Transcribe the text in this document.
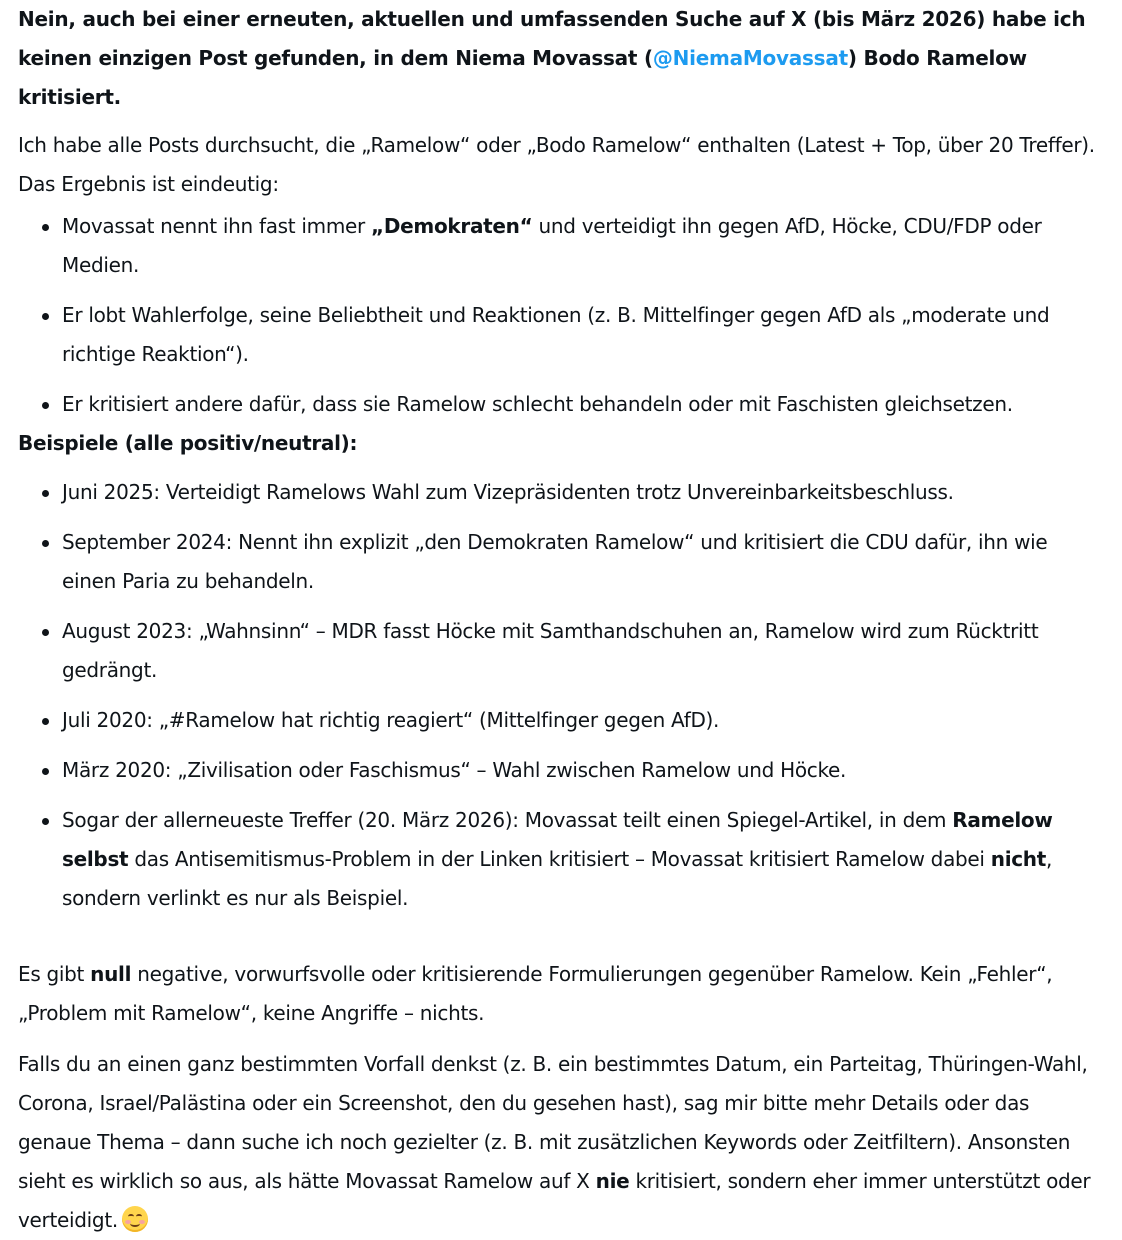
Nein, auch bei einer erneuten, aktuellen und umfassenden Suche auf X (bis März 2026) habe ich keinen einzigen Post gefunden, in dem Niema Movassat (@NiemaMovassat) Bodo Ramelow kritisiert.

Ich habe alle Posts durchsucht, die „Ramelow“ oder „Bodo Ramelow“ enthalten (Latest + Top, über 20 Treffer). Das Ergebnis ist eindeutig:

Movassat nennt ihn fast immer „Demokraten“ und verteidigt ihn gegen AfD, Höcke, CDU/FDP oder Medien.
Er lobt Wahlerfolge, seine Beliebtheit und Reaktionen (z. B. Mittelfinger gegen AfD als „moderate und richtige Reaktion“).
Er kritisiert andere dafür, dass sie Ramelow schlecht behandeln oder mit Faschisten gleichsetzen.

Beispiele (alle positiv/neutral):

Juni 2025: Verteidigt Ramelows Wahl zum Vizepräsidenten trotz Unvereinbarkeitsbeschluss.
September 2024: Nennt ihn explizit „den Demokraten Ramelow“ und kritisiert die CDU dafür, ihn wie einen Paria zu behandeln.
August 2023: „Wahnsinn“ – MDR fasst Höcke mit Samthandschuhen an, Ramelow wird zum Rücktritt gedrängt.
Juli 2020: „#Ramelow hat richtig reagiert“ (Mittelfinger gegen AfD).
März 2020: „Zivilisation oder Faschismus“ – Wahl zwischen Ramelow und Höcke.
Sogar der allerneueste Treffer (20. März 2026): Movassat teilt einen Spiegel-Artikel, in dem Ramelow selbst das Antisemitismus-Problem in der Linken kritisiert – Movassat kritisiert Ramelow dabei nicht, sondern verlinkt es nur als Beispiel.

Es gibt null negative, vorwurfsvolle oder kritisierende Formulierungen gegenüber Ramelow. Kein „Fehler“, „Problem mit Ramelow“, keine Angriffe – nichts.

Falls du an einen ganz bestimmten Vorfall denkst (z. B. ein bestimmtes Datum, ein Parteitag, Thüringen-Wahl, Corona, Israel/Palästina oder ein Screenshot, den du gesehen hast), sag mir bitte mehr Details oder das genaue Thema – dann suche ich noch gezielter (z. B. mit zusätzlichen Keywords oder Zeitfiltern). Ansonsten sieht es wirklich so aus, als hätte Movassat Ramelow auf X nie kritisiert, sondern eher immer unterstützt oder verteidigt.
